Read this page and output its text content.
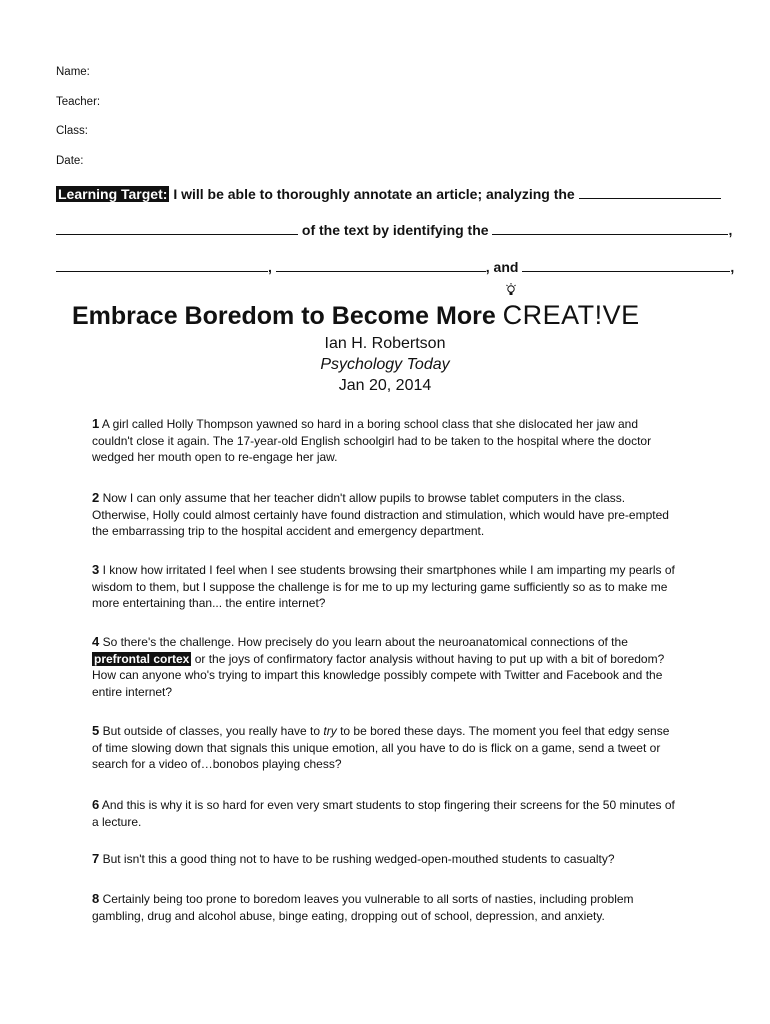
Name:
Teacher:
Class:
Date:
Learning Target: I will be able to thoroughly annotate an article; analyzing the
of the text by identifying the	,
,	, and	,
Embrace Boredom to Become More CREAT!VE
Ian H. Robertson
Psychology Today
Jan 20, 2014
1 A girl called Holly Thompson yawned so hard in a boring school class that she dislocated her jaw and couldn't close it again. The 17-year-old English schoolgirl had to be taken to the hospital where the doctor wedged her mouth open to re-engage her jaw.
2 Now I can only assume that her teacher didn't allow pupils to browse tablet computers in the class. Otherwise, Holly could almost certainly have found distraction and stimulation, which would have pre-empted the embarrassing trip to the hospital accident and emergency department.
3 I know how irritated I feel when I see students browsing their smartphones while I am imparting my pearls of wisdom to them, but I suppose the challenge is for me to up my lecturing game sufficiently so as to make me more entertaining than... the entire internet?
4 So there's the challenge. How precisely do you learn about the neuroanatomical connections of the prefrontal cortex or the joys of confirmatory factor analysis without having to put up with a bit of boredom? How can anyone who's trying to impart this knowledge possibly compete with Twitter and Facebook and the entire internet?
5 But outside of classes, you really have to try to be bored these days. The moment you feel that edgy sense of time slowing down that signals this unique emotion, all you have to do is flick on a game, send a tweet or search for a video of…bonobos playing chess?
6 And this is why it is so hard for even very smart students to stop fingering their screens for the 50 minutes of a lecture.
7 But isn't this a good thing not to have to be rushing wedged-open-mouthed students to casualty?
8 Certainly being too prone to boredom leaves you vulnerable to all sorts of nasties, including problem gambling, drug and alcohol abuse, binge eating, dropping out of school, depression, and anxiety.
